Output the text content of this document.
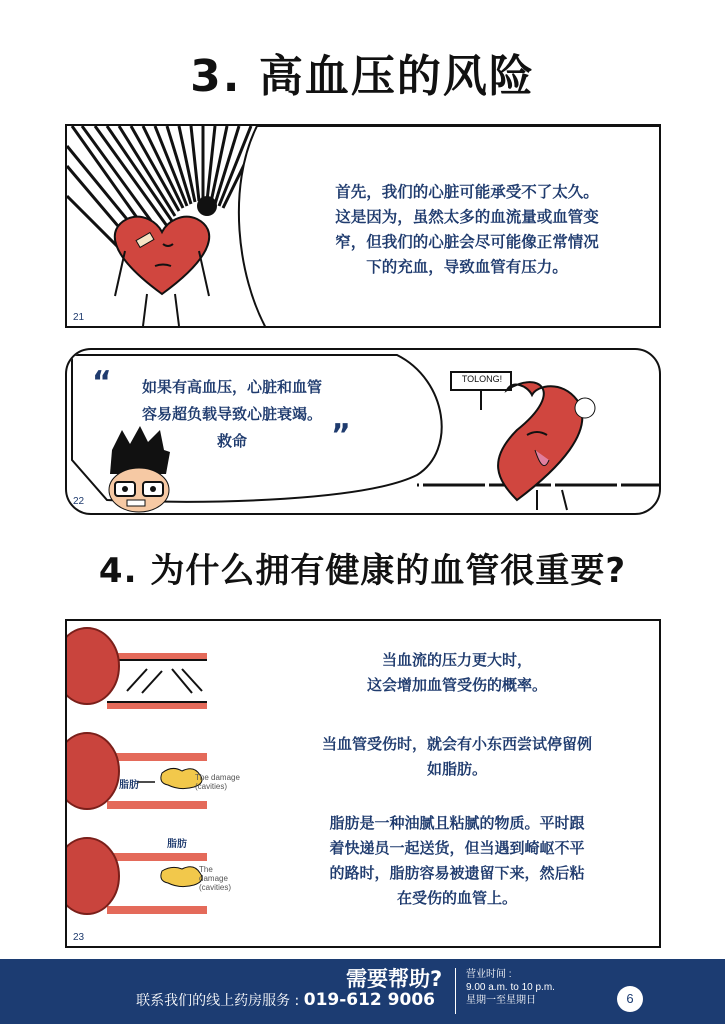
3. 高血压的风险
首先，我们的心脏可能承受不了太久。
这是因为，虽然太多的血流量或血管变
窄，但我们的心脏会尽可能像正常情况
下的充血，导致血管有压力。
21
“	如果有高血压，心脏和血管
容易超负载导致心脏衰竭。
救命	”
TOLONG!
22
4. 为什么拥有健康的血管很重要?
脂肪
The damage
(cavities)
脂肪
The
damage
(cavities)
当血流的压力更大时，
这会增加血管受伤的概率。
当血管受伤时，就会有小东西尝试停留例
如脂肪。
脂肪是一种油腻且粘腻的物质。平时跟
着快递员一起送货，但当遇到崎岖不平
的路时，脂肪容易被遗留下来，然后粘
在受伤的血管上。
23
需要帮助?
联系我们的线上药房服务 : 019-612 9006
营业时间 :
9.00 a.m. to 10 p.m.
星期一至星期日	6
